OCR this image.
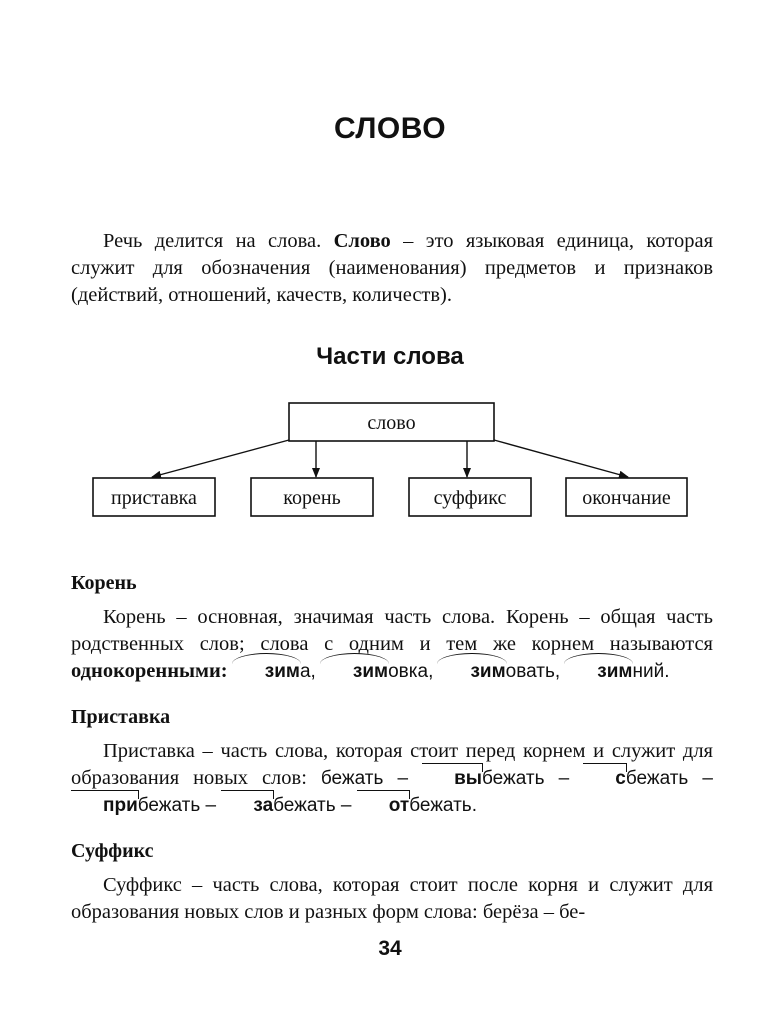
СЛОВО

Речь делится на слова. Слово – это языковая единица, которая служит для обозначения (наименования) предметов и признаков (действий, отношений, качеств, количеств).

Части слова
слово
приставка	корень	суффикс	окончание
Корень

Корень – основная, значимая часть слова. Корень – общая часть родственных слов; слова с одним и тем же корнем называются однокоренными: зима, зимовка, зимовать, зимний.

Приставка

Приставка – часть слова, которая стоит перед корнем и служит для образования новых слов: бежать – выбежать – сбежать – прибежать – забежать – отбежать.

Суффикс

Суффикс – часть слова, которая стоит после корня и служит для образования новых слов и разных форм слова: берёза – бе-

34
